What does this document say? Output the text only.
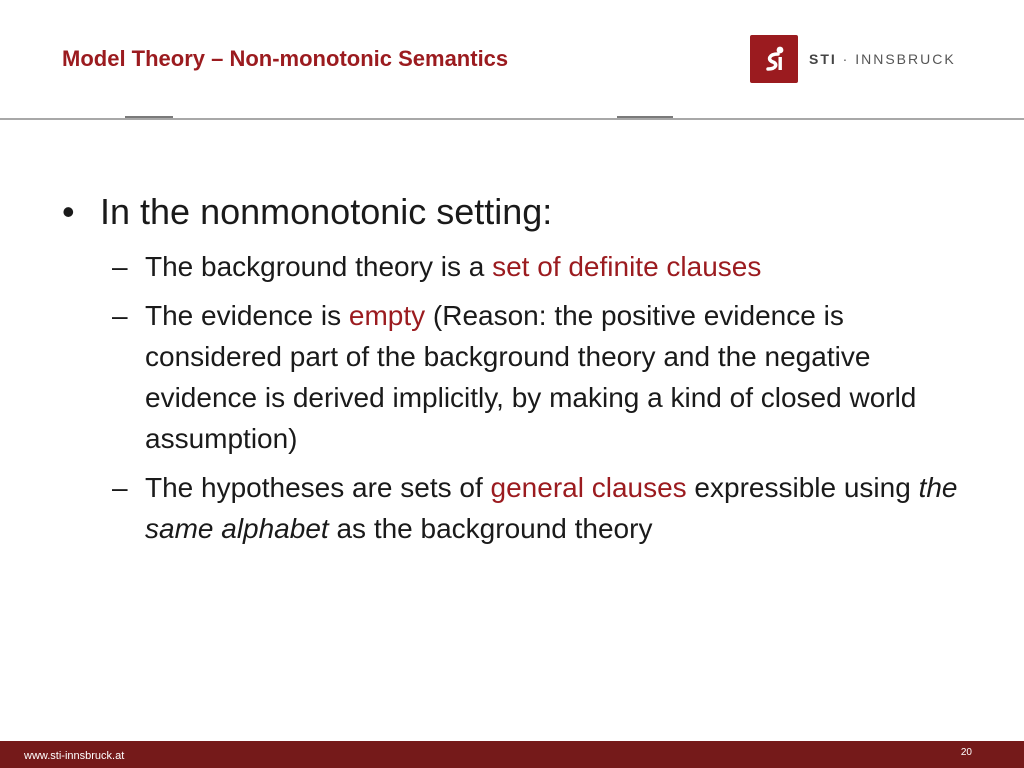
Model Theory – Non-monotonic Semantics	STI · INNSBRUCK
• In the nonmonotonic setting:
– The background theory is a set of definite clauses
– The evidence is empty (Reason: the positive evidence is considered part of the background theory and the negative evidence is derived implicitly, by making a kind of closed world assumption)
– The hypotheses are sets of general clauses expressible using the same alphabet as the background theory
www.sti-innsbruck.at	20
